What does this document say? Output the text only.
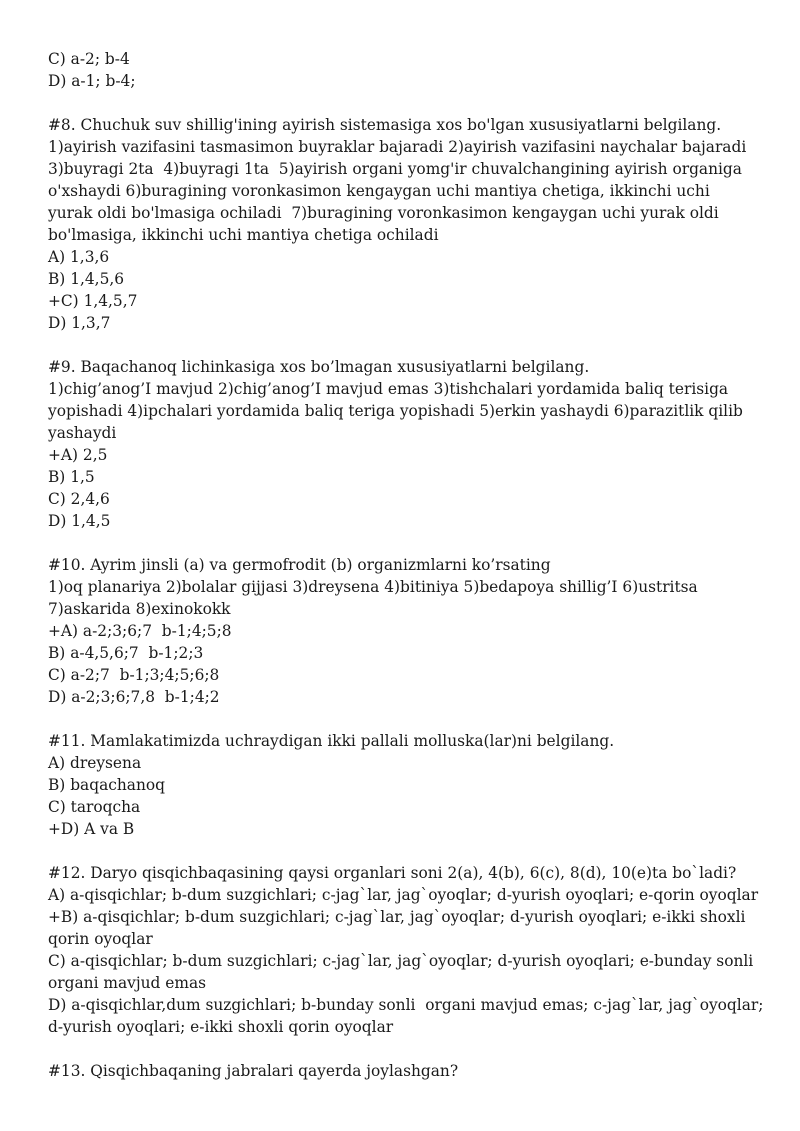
C) a-2; b-4
D) a-1; b-4;
#8. Chuchuk suv shillig'ining ayirish sistemasiga xos bo'lgan xususiyatlarni belgilang.
1)ayirish vazifasini tasmasimon buyraklar bajaradi 2)ayirish vazifasini naychalar bajaradi
3)buyragi 2ta  4)buyragi 1ta  5)ayirish organi yomg'ir chuvalchangining ayirish organiga
o'xshaydi 6)buragining voronkasimon kengaygan uchi mantiya chetiga, ikkinchi uchi
yurak oldi bo'lmasiga ochiladi  7)buragining voronkasimon kengaygan uchi yurak oldi
bo'lmasiga, ikkinchi uchi mantiya chetiga ochiladi
A) 1,3,6
B) 1,4,5,6
+C) 1,4,5,7
D) 1,3,7
#9. Baqachanoq lichinkasiga xos bo’lmagan xususiyatlarni belgilang.
1)chig’anog’I mavjud 2)chig’anog’I mavjud emas 3)tishchalari yordamida baliq terisiga
yopishadi 4)ipchalari yordamida baliq teriga yopishadi 5)erkin yashaydi 6)parazitlik qilib
yashaydi
+A) 2,5
B) 1,5
C) 2,4,6
D) 1,4,5
#10. Ayrim jinsli (a) va germofrodit (b) organizmlarni ko’rsating
1)oq planariya 2)bolalar gijjasi 3)dreysena 4)bitiniya 5)bedapoya shillig’I 6)ustritsa
7)askarida 8)exinokokk
+A) a-2;3;6;7  b-1;4;5;8
B) a-4,5,6;7  b-1;2;3
C) a-2;7  b-1;3;4;5;6;8
D) a-2;3;6;7,8  b-1;4;2
#11. Mamlakatimizda uchraydigan ikki pallali molluska(lar)ni belgilang.
A) dreysena
B) baqachanoq
C) taroqcha
+D) A va B
#12. Daryo qisqichbaqasining qaysi organlari soni 2(a), 4(b), 6(c), 8(d), 10(e)ta bo`ladi?
A) a-qisqichlar; b-dum suzgichlari; c-jag`lar, jag`oyoqlar; d-yurish oyoqlari; e-qorin oyoqlar
+B) a-qisqichlar; b-dum suzgichlari; c-jag`lar, jag`oyoqlar; d-yurish oyoqlari; e-ikki shoxli
qorin oyoqlar
C) a-qisqichlar; b-dum suzgichlari; c-jag`lar, jag`oyoqlar; d-yurish oyoqlari; e-bunday sonli
organi mavjud emas
D) a-qisqichlar,dum suzgichlari; b-bunday sonli  organi mavjud emas; c-jag`lar, jag`oyoqlar;
d-yurish oyoqlari; e-ikki shoxli qorin oyoqlar
#13. Qisqichbaqaning jabralari qayerda joylashgan?
